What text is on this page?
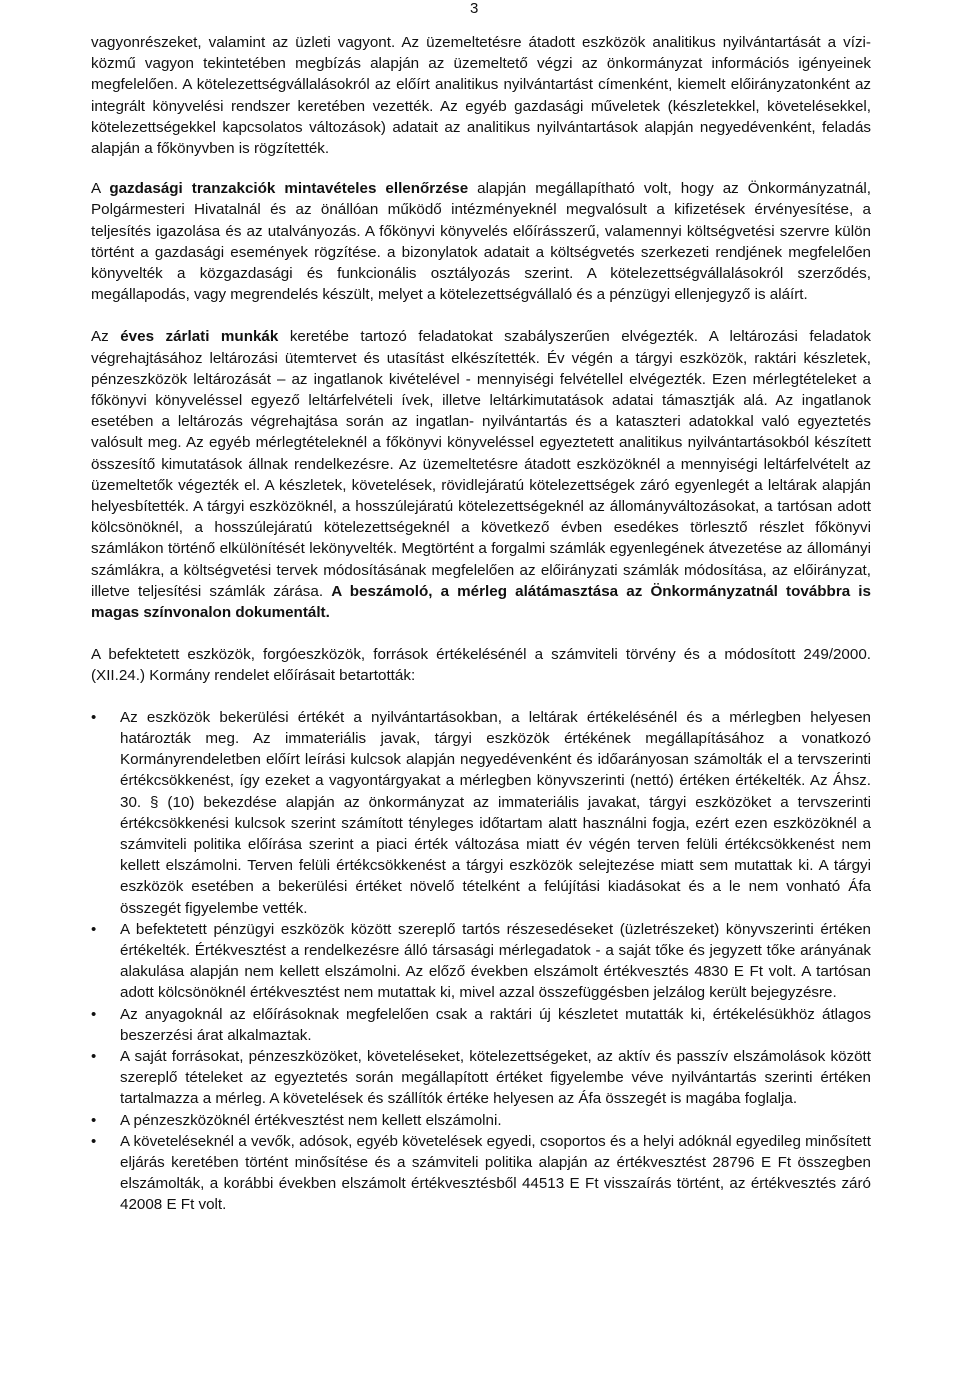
3

vagyonrészeket, valamint az üzleti vagyont. Az üzemeltetésre átadott eszközök analitikus nyilvántartását a vízi-közmű vagyon tekintetében megbízás alapján az üzemeltető végzi az önkormányzat információs igényeinek megfelelően. A kötelezettségvállalásokról az előírt analitikus nyilvántartást címenként, kiemelt előirányzatonként az integrált könyvelési rendszer keretében vezették. Az egyéb gazdasági műveletek (készletekkel, követelésekkel, kötelezettségekkel kapcsolatos változások) adatait az analitikus nyilvántartások alapján negyedévenként, feladás alapján a főkönyvben is rögzítették.

A gazdasági tranzakciók mintavételes ellenőrzése alapján megállapítható volt, hogy az Önkormányzatnál, Polgármesteri Hivatalnál és az önállóan működő intézményeknél megvalósult a kifizetések érvényesítése, a teljesítés igazolása és az utalványozás. A főkönyvi könyvelés előírásszerű, valamennyi költségvetési szervre külön történt a gazdasági események rögzítése. a bizonylatok adatait a költségvetés szerkezeti rendjének megfelelően könyvelték a közgazdasági és funkcionális osztályozás szerint. A kötelezettségvállalásokról szerződés, megállapodás, vagy megrendelés készült, melyet a kötelezettségvállaló és a pénzügyi ellenjegyző is aláírt.

Az éves zárlati munkák keretébe tartozó feladatokat szabályszerűen elvégezték. A leltározási feladatok végrehajtásához leltározási ütemtervet és utasítást elkészítették. Év végén a tárgyi eszközök, raktári készletek, pénzeszközök leltározását – az ingatlanok kivételével - mennyiségi felvétellel elvégezték. Ezen mérlegtételeket a főkönyvi könyveléssel egyező leltárfelvételi ívek, illetve leltárkimutatások adatai támasztják alá. Az ingatlanok esetében a leltározás végrehajtása során az ingatlan- nyilvántartás és a kataszteri adatokkal való egyeztetés valósult meg. Az egyéb mérlegtételeknél a főkönyvi könyveléssel egyeztetett analitikus nyilvántartásokból készített összesítő kimutatások állnak rendelkezésre. Az üzemeltetésre átadott eszközöknél a mennyiségi leltárfelvételt az üzemeltetők végezték el. A készletek, követelések, rövidlejáratú kötelezettségek záró egyenlegét a leltárak alapján helyesbítették. A tárgyi eszközöknél, a hosszúlejáratú kötelezettségeknél az állományváltozásokat, a tartósan adott kölcsönöknél, a hosszúlejáratú kötelezettségeknél a következő évben esedékes törlesztő részlet főkönyvi számlákon történő elkülönítését lekönyvelték. Megtörtént a forgalmi számlák egyenlegének átvezetése az állományi számlákra, a költségvetési tervek módosításának megfelelően az előirányzati számlák módosítása, az előirányzat, illetve teljesítési számlák zárása. A beszámoló, a mérleg alátámasztása az Önkormányzatnál továbbra is magas színvonalon dokumentált.

A befektetett eszközök, forgóeszközök, források értékelésénél a számviteli törvény és a módosított 249/2000. (XII.24.) Kormány rendelet előírásait betartották:

•	Az eszközök bekerülési értékét a nyilvántartásokban, a leltárak értékelésénél és a mérlegben helyesen határozták meg. Az immateriális javak, tárgyi eszközök értékének megállapításához a vonatkozó Kormányrendeletben előírt leírási kulcsok alapján negyedévenként és időarányosan számolták el a tervszerinti értékcsökkenést, így ezeket a vagyontárgyakat a mérlegben könyvszerinti (nettó) értéken értékelték. Az Áhsz. 30. § (10) bekezdése alapján az önkormányzat az immateriális javakat, tárgyi eszközöket a tervszerinti értékcsökkenési kulcsok szerint számított tényleges időtartam alatt használni fogja, ezért ezen eszközöknél a számviteli politika előírása szerint a piaci érték változása miatt év végén terven felüli értékcsökkenést nem kellett elszámolni. Terven felüli értékcsökkenést a tárgyi eszközök selejtezése miatt sem mutattak ki. A tárgyi eszközök esetében a bekerülési értéket növelő tételként a felújítási kiadásokat és a le nem vonható Áfa összegét figyelembe vették.
•	A befektetett pénzügyi eszközök között szereplő tartós részesedéseket (üzletrészeket) könyvszerinti értéken értékelték. Értékvesztést a rendelkezésre álló társasági mérlegadatok - a saját tőke és jegyzett tőke arányának alakulása alapján nem kellett elszámolni. Az előző években elszámolt értékvesztés 4830 E Ft volt. A tartósan adott kölcsönöknél értékvesztést nem mutattak ki, mivel azzal összefüggésben jelzálog került bejegyzésre.
•	Az anyagoknál az előírásoknak megfelelően csak a raktári új készletet mutatták ki, értékelésükhöz átlagos beszerzési árat alkalmaztak.
•	A saját forrásokat, pénzeszközöket, követeléseket, kötelezettségeket, az aktív és passzív elszámolások között szereplő tételeket az egyeztetés során megállapított értéket figyelembe véve nyilvántartás szerinti értéken tartalmazza a mérleg. A követelések és szállítók értéke helyesen az Áfa összegét is magába foglalja.
•	A pénzeszközöknél értékvesztést nem kellett elszámolni.
•	A követeléseknél a vevők, adósok, egyéb követelések egyedi, csoportos és a helyi adóknál egyedileg minősített eljárás keretében történt minősítése és a számviteli politika alapján az értékvesztést 28796 E Ft összegben elszámolták, a korábbi években elszámolt értékvesztésből 44513 E Ft visszaírás történt, az értékvesztés záró 42008 E Ft volt.
